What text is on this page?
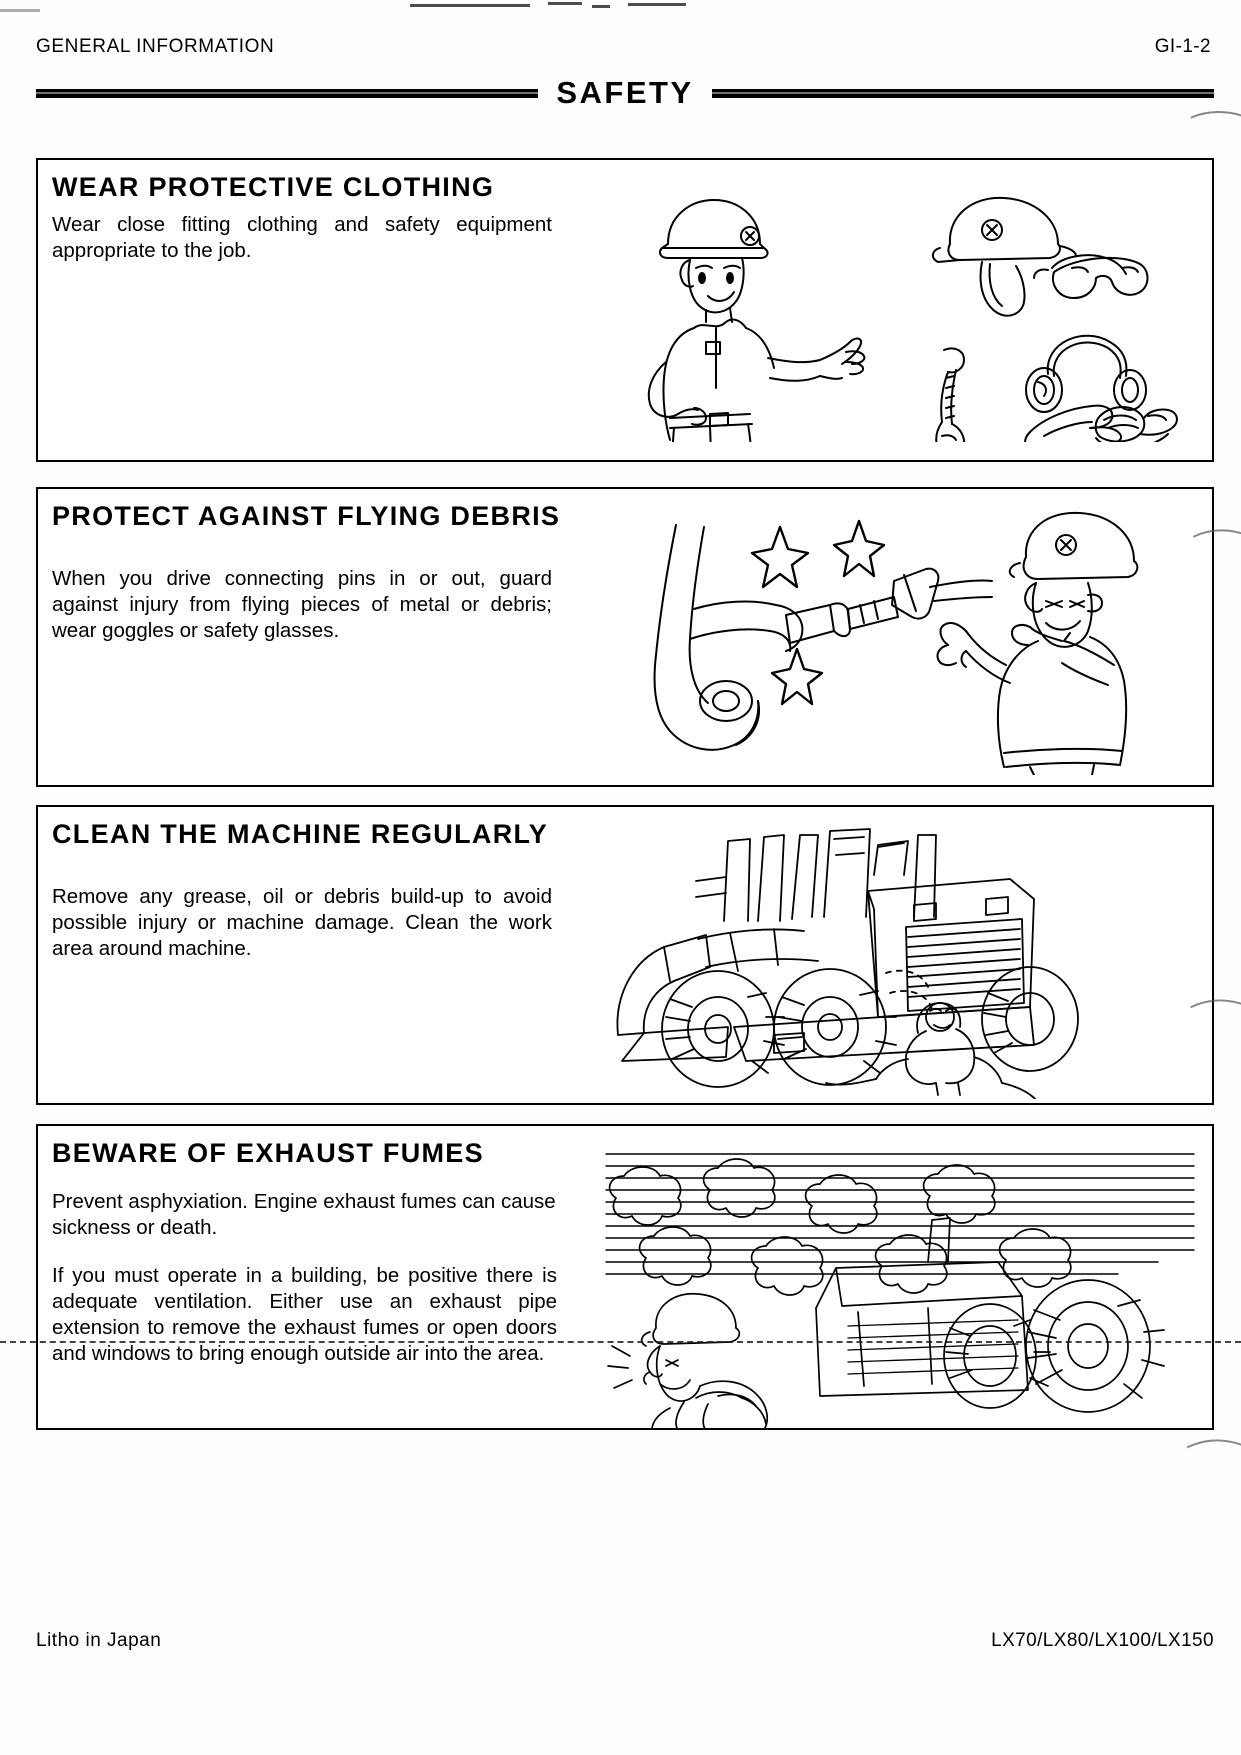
GENERAL INFORMATION	GI-1-2
SAFETY
WEAR PROTECTIVE CLOTHING

Wear close fitting clothing and safety equipment appropriate to the job.

PROTECT AGAINST FLYING DEBRIS

When you drive connecting pins in or out, guard against injury from flying pieces of metal or debris; wear goggles or safety glasses.

CLEAN THE MACHINE REGULARLY

Remove any grease, oil or debris build-up to avoid possible injury or machine damage. Clean the work area around machine.

BEWARE OF EXHAUST FUMES

Prevent asphyxiation. Engine exhaust fumes can cause sickness or death.

If you must operate in a building, be positive there is adequate ventilation. Either use an exhaust pipe extension to remove the exhaust fumes or open doors and windows to bring enough outside air into the area.

Litho in Japan	LX70/LX80/LX100/LX150
